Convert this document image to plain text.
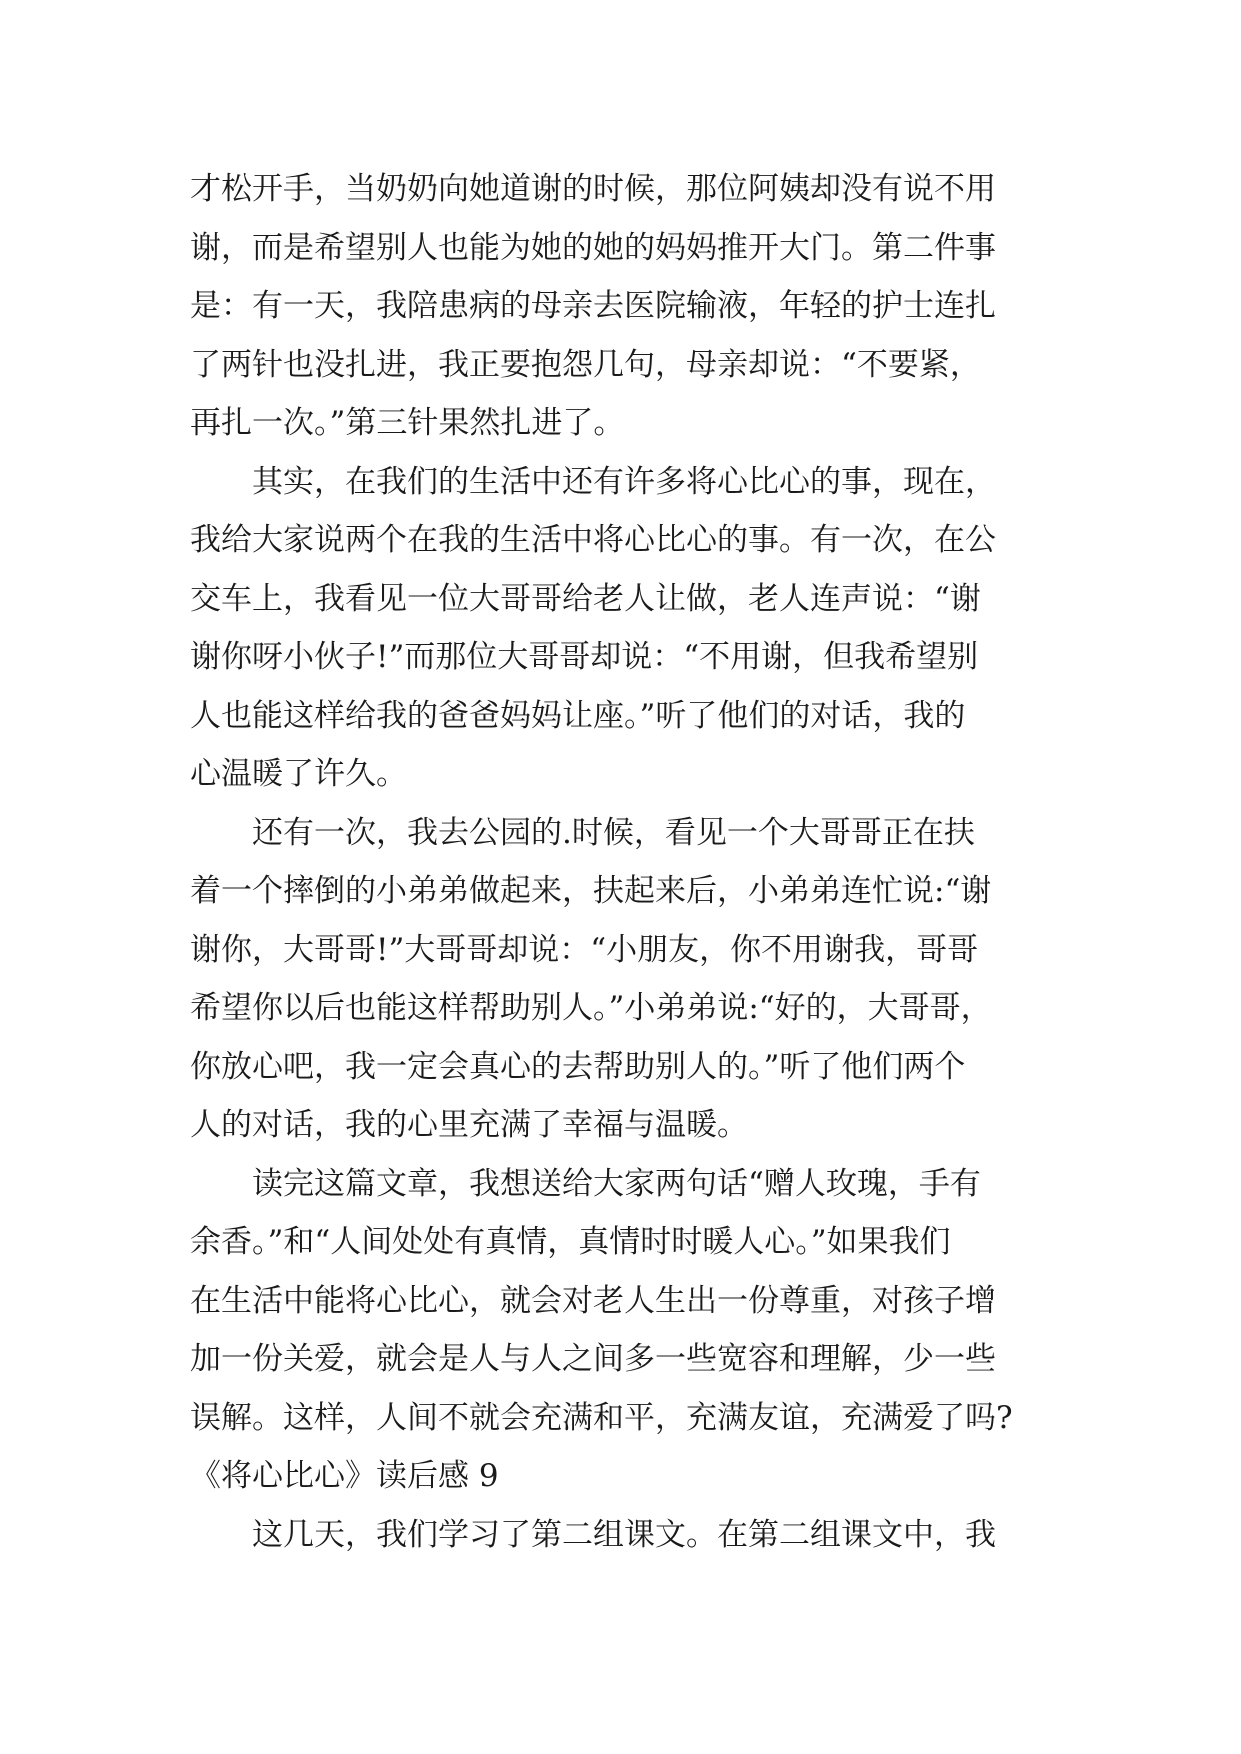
才松开手，当奶奶向她道谢的时候，那位阿姨却没有说不用
谢，而是希望别人也能为她的她的妈妈推开大门。第二件事
是：有一天，我陪患病的母亲去医院输液，年轻的护士连扎
了两针也没扎进，我正要抱怨几句，母亲却说：“不要紧，
再扎一次。”第三针果然扎进了。
　　其实，在我们的生活中还有许多将心比心的事，现在，
我给大家说两个在我的生活中将心比心的事。有一次，在公
交车上，我看见一位大哥哥给老人让做，老人连声说：“谢
谢你呀小伙子!”而那位大哥哥却说：“不用谢，但我希望别
人也能这样给我的爸爸妈妈让座。”听了他们的对话，我的
心温暖了许久。
　　还有一次，我去公园的.时候，看见一个大哥哥正在扶
着一个摔倒的小弟弟做起来，扶起来后，小弟弟连忙说:“谢
谢你，大哥哥!”大哥哥却说：“小朋友，你不用谢我，哥哥
希望你以后也能这样帮助别人。”小弟弟说:“好的，大哥哥，
你放心吧，我一定会真心的去帮助别人的。”听了他们两个
人的对话，我的心里充满了幸福与温暖。
　　读完这篇文章，我想送给大家两句话“赠人玫瑰，手有
余香。”和“人间处处有真情，真情时时暖人心。”如果我们
在生活中能将心比心，就会对老人生出一份尊重，对孩子增
加一份关爱，就会是人与人之间多一些宽容和理解，少一些
误解。这样，人间不就会充满和平，充满友谊，充满爱了吗?
《将心比心》读后感 9
　　这几天，我们学习了第二组课文。在第二组课文中，我
